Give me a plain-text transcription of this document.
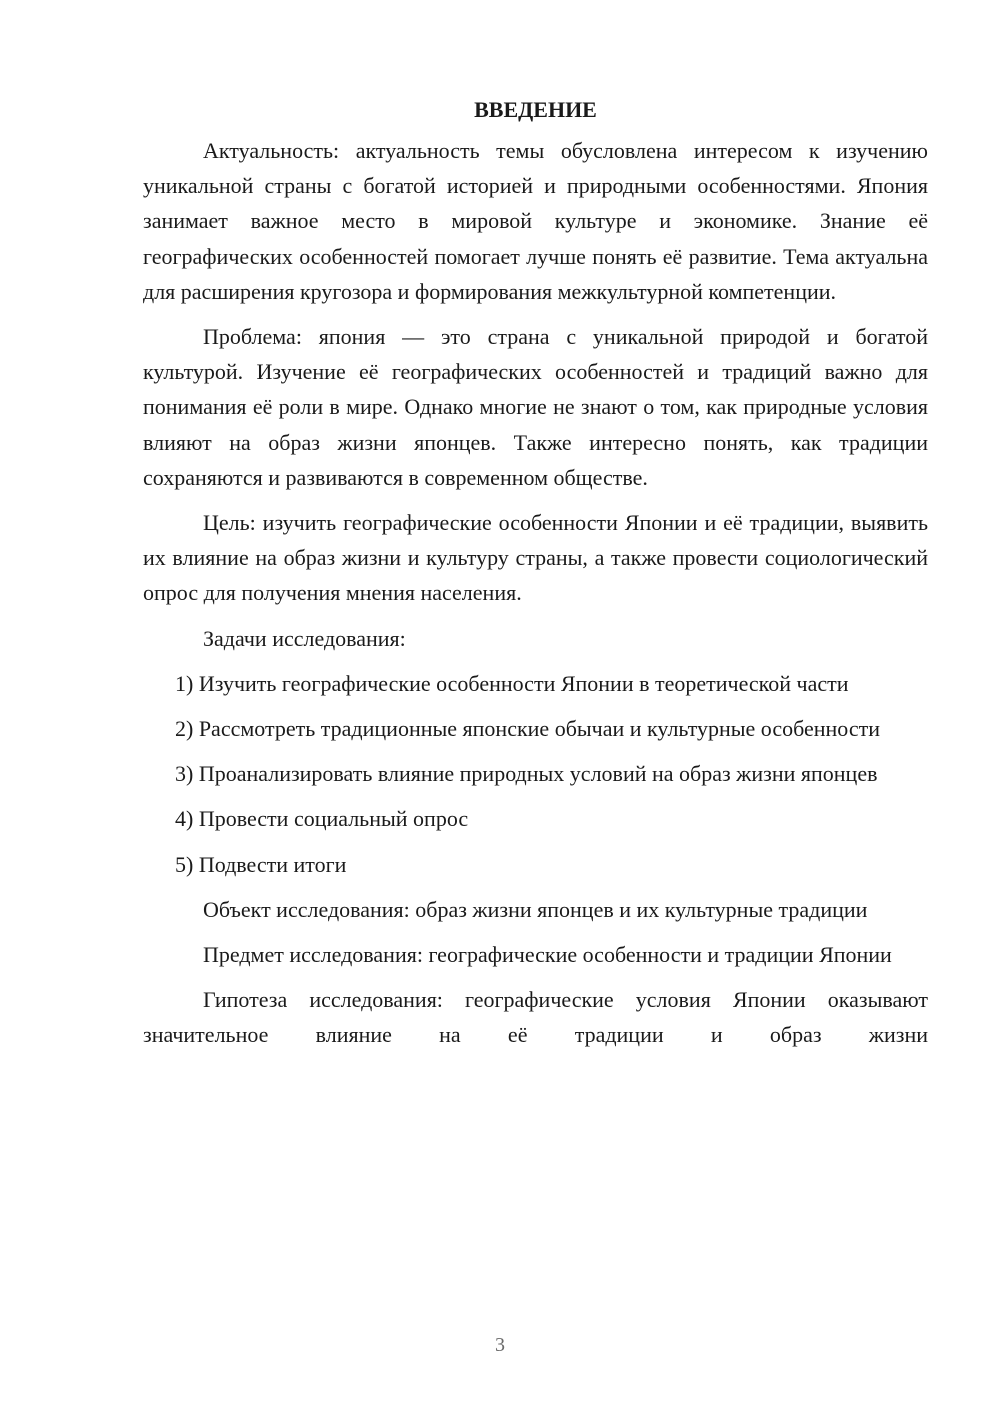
ВВЕДЕНИЕ

Актуальность: актуальность темы обусловлена интересом к изучению уникальной страны с богатой историей и природными особенностями. Япония занимает важное место в мировой культуре и экономике. Знание её географических особенностей помогает лучше понять её развитие. Тема актуальна для расширения кругозора и формирования межкультурной компетенции.

Проблема: япония — это страна с уникальной природой и богатой культурой. Изучение её географических особенностей и традиций важно для понимания её роли в мире. Однако многие не знают о том, как природные условия влияют на образ жизни японцев. Также интересно понять, как традиции сохраняются и развиваются в современном обществе.

Цель: изучить географические особенности Японии и её традиции, выявить их влияние на образ жизни и культуру страны, а также провести социологический опрос для получения мнения населения.

Задачи исследования:

1) Изучить географические особенности Японии в теоретической части

2) Рассмотреть традиционные японские обычаи и культурные особенности

3) Проанализировать влияние природных условий на образ жизни японцев

4) Провести социальный опрос

5) Подвести итоги

Объект исследования: образ жизни японцев и их культурные традиции

Предмет исследования: географические особенности и традиции Японии

Гипотеза исследования: географические условия Японии оказывают значительное влияние на её традиции и образ жизни

3
